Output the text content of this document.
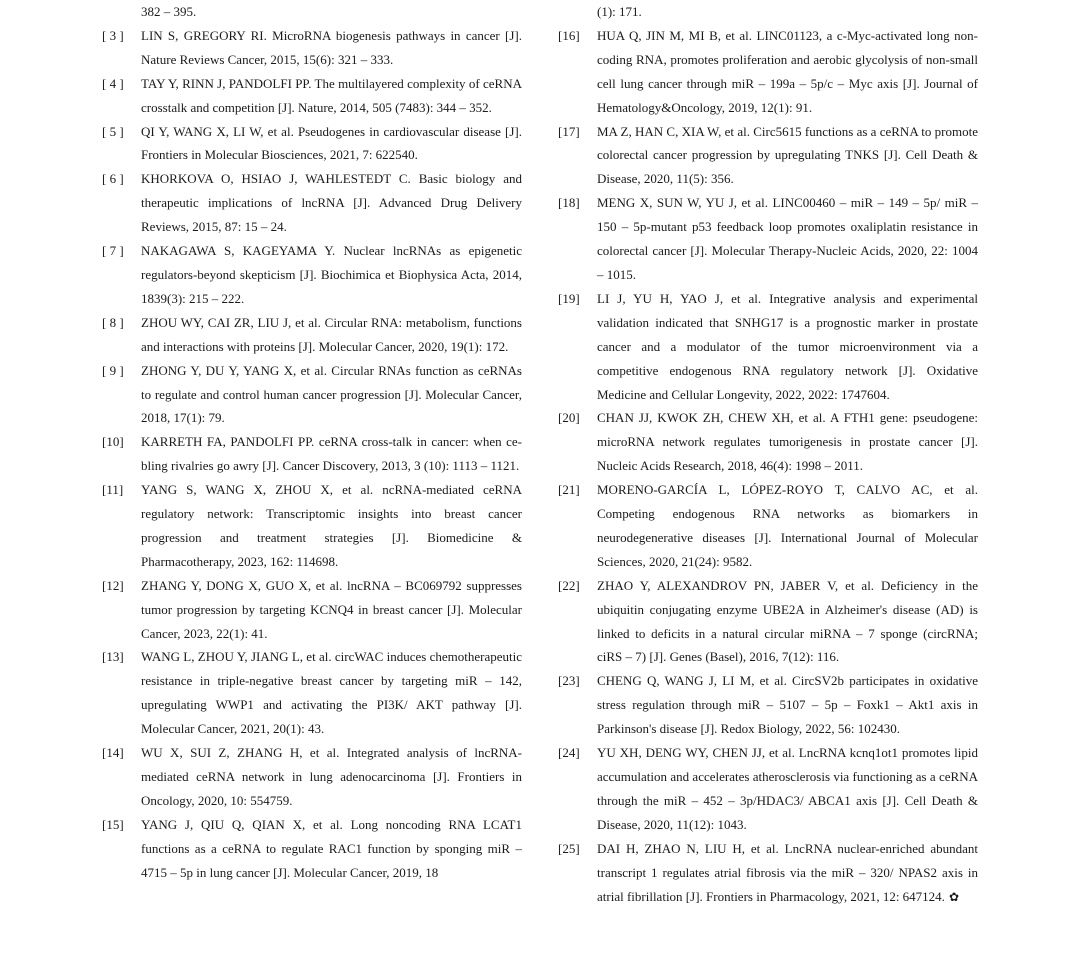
382 – 395.
[ 3 ] LIN S, GREGORY RI. MicroRNA biogenesis pathways in cancer [J]. Nature Reviews Cancer, 2015, 15(6): 321 – 333.
[ 4 ] TAY Y, RINN J, PANDOLFI PP. The multilayered complexity of ceRNA crosstalk and competition [J]. Nature, 2014, 505 (7483): 344 – 352.
[ 5 ] QI Y, WANG X, LI W, et al. Pseudogenes in cardiovascular disease [J]. Frontiers in Molecular Biosciences, 2021, 7: 622540.
[ 6 ] KHORKOVA O, HSIAO J, WAHLESTEDT C. Basic biology and therapeutic implications of lncRNA [J]. Advanced Drug Delivery Reviews, 2015, 87: 15 – 24.
[ 7 ] NAKAGAWA S, KAGEYAMA Y. Nuclear lncRNAs as epigenetic regulators-beyond skepticism [J]. Biochimica et Biophysica Acta, 2014, 1839(3): 215 – 222.
[ 8 ] ZHOU WY, CAI ZR, LIU J, et al. Circular RNA: metabolism, functions and interactions with proteins [J]. Molecular Cancer, 2020, 19(1): 172.
[ 9 ] ZHONG Y, DU Y, YANG X, et al. Circular RNAs function as ceRNAs to regulate and control human cancer progression [J]. Molecular Cancer, 2018, 17(1): 79.
[10] KARRETH FA, PANDOLFI PP. ceRNA cross-talk in cancer: when ce-bling rivalries go awry [J]. Cancer Discovery, 2013, 3 (10): 1113 – 1121.
[11] YANG S, WANG X, ZHOU X, et al. ncRNA-mediated ceRNA regulatory network: Transcriptomic insights into breast cancer progression and treatment strategies [J]. Biomedicine & Pharmacotherapy, 2023, 162: 114698.
[12] ZHANG Y, DONG X, GUO X, et al. lncRNA – BC069792 suppresses tumor progression by targeting KCNQ4 in breast cancer [J]. Molecular Cancer, 2023, 22(1): 41.
[13] WANG L, ZHOU Y, JIANG L, et al. circWAC induces chemotherapeutic resistance in triple-negative breast cancer by targeting miR – 142, upregulating WWP1 and activating the PI3K/ AKT pathway [J]. Molecular Cancer, 2021, 20(1): 43.
[14] WU X, SUI Z, ZHANG H, et al. Integrated analysis of lncRNA-mediated ceRNA network in lung adenocarcinoma [J]. Frontiers in Oncology, 2020, 10: 554759.
[15] YANG J, QIU Q, QIAN X, et al. Long noncoding RNA LCAT1 functions as a ceRNA to regulate RAC1 function by sponging miR – 4715 – 5p in lung cancer [J]. Molecular Cancer, 2019, 18
(1): 171.
[16] HUA Q, JIN M, MI B, et al. LINC01123, a c-Myc-activated long non-coding RNA, promotes proliferation and aerobic glycolysis of non-small cell lung cancer through miR – 199a – 5p/c – Myc axis [J]. Journal of Hematology&Oncology, 2019, 12(1): 91.
[17] MA Z, HAN C, XIA W, et al. Circ5615 functions as a ceRNA to promote colorectal cancer progression by upregulating TNKS [J]. Cell Death & Disease, 2020, 11(5): 356.
[18] MENG X, SUN W, YU J, et al. LINC00460 – miR – 149 – 5p/ miR – 150 – 5p-mutant p53 feedback loop promotes oxaliplatin resistance in colorectal cancer [J]. Molecular Therapy-Nucleic Acids, 2020, 22: 1004 – 1015.
[19] LI J, YU H, YAO J, et al. Integrative analysis and experimental validation indicated that SNHG17 is a prognostic marker in prostate cancer and a modulator of the tumor microenvironment via a competitive endogenous RNA regulatory network [J]. Oxidative Medicine and Cellular Longevity, 2022, 2022: 1747604.
[20] CHAN JJ, KWOK ZH, CHEW XH, et al. A FTH1 gene: pseudogene: microRNA network regulates tumorigenesis in prostate cancer [J]. Nucleic Acids Research, 2018, 46(4): 1998 – 2011.
[21] MORENO-GARCÍA L, LÓPEZ-ROYO T, CALVO AC, et al. Competing endogenous RNA networks as biomarkers in neurodegenerative diseases [J]. International Journal of Molecular Sciences, 2020, 21(24): 9582.
[22] ZHAO Y, ALEXANDROV PN, JABER V, et al. Deficiency in the ubiquitin conjugating enzyme UBE2A in Alzheimer's disease (AD) is linked to deficits in a natural circular miRNA – 7 sponge (circRNA; ciRS – 7) [J]. Genes (Basel), 2016, 7(12): 116.
[23] CHENG Q, WANG J, LI M, et al. CircSV2b participates in oxidative stress regulation through miR – 5107 – 5p – Foxk1 – Akt1 axis in Parkinson's disease [J]. Redox Biology, 2022, 56: 102430.
[24] YU XH, DENG WY, CHEN JJ, et al. LncRNA kcnq1ot1 promotes lipid accumulation and accelerates atherosclerosis via functioning as a ceRNA through the miR – 452 – 3p/HDAC3/ ABCA1 axis [J]. Cell Death & Disease, 2020, 11(12): 1043.
[25] DAI H, ZHAO N, LIU H, et al. LncRNA nuclear-enriched abundant transcript 1 regulates atrial fibrosis via the miR – 320/ NPAS2 axis in atrial fibrillation [J]. Frontiers in Pharmacology, 2021, 12: 647124. ✿
